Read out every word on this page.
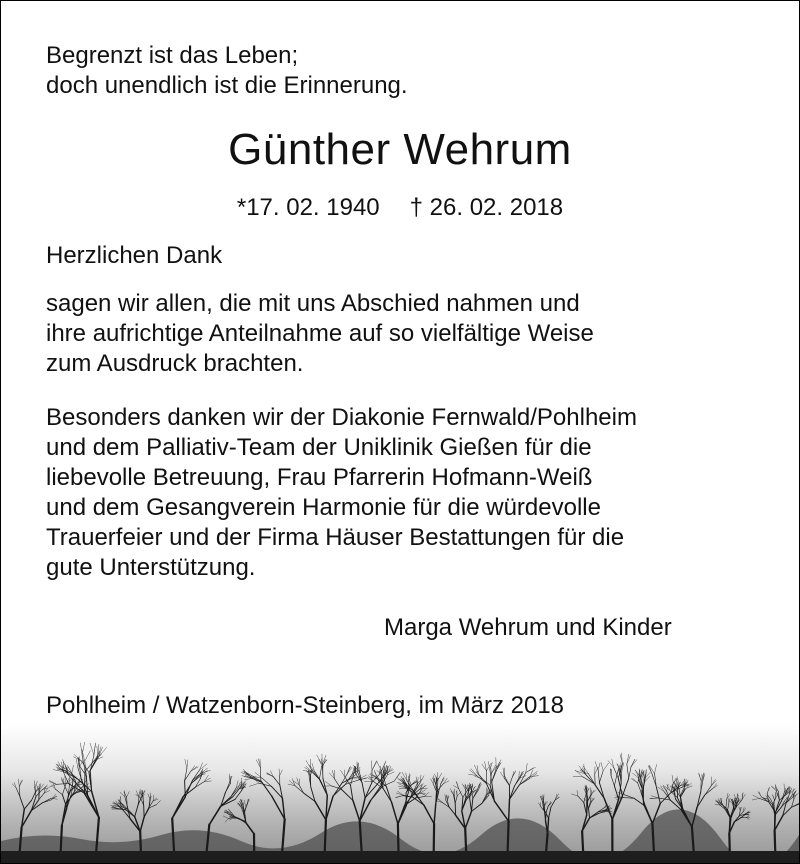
Begrenzt ist das Leben;
doch unendlich ist die Erinnerung.
Günther Wehrum
*17. 02. 1940 † 26. 02. 2018
Herzlichen Dank
sagen wir allen, die mit uns Abschied nahmen und
ihre aufrichtige Anteilnahme auf so vielfältige Weise
zum Ausdruck brachten.
Besonders danken wir der Diakonie Fernwald/Pohlheim
und dem Palliativ-Team der Uniklinik Gießen für die
liebevolle Betreuung, Frau Pfarrerin Hofmann-Weiß
und dem Gesangverein Harmonie für die würdevolle
Trauerfeier und der Firma Häuser Bestattungen für die
gute Unterstützung.
Marga Wehrum und Kinder
Pohlheim / Watzenborn-Steinberg, im März 2018
